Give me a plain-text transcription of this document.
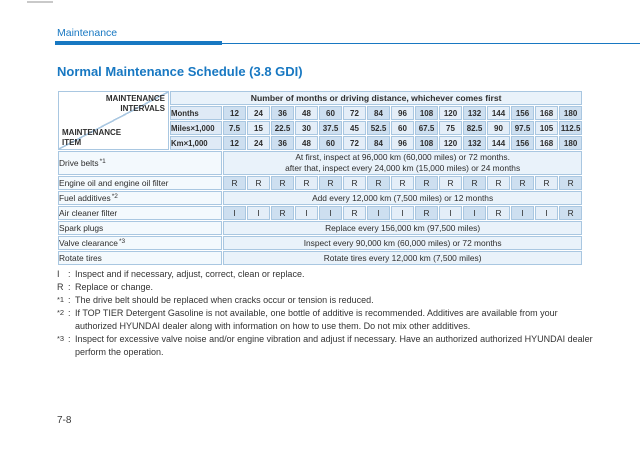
Maintenance
Normal Maintenance Schedule (3.8 GDI)
MAINTENANCE
INTERVALS
MAINTENANCE
ITEM	Number of months or driving distance, whichever comes first															
	Months	12	24	36	48	60	72	84	96	108	120	132	144	156	168	180
	Miles×1,000	7.5	15	22.5	30	37.5	45	52.5	60	67.5	75	82.5	90	97.5	105	112.5
	Km×1,000	12	24	36	48	60	72	84	96	108	120	132	144	156	168	180
Drive belts$^{*1}$		At first, inspect at 96,000 km (60,000 miles) or 72 months.
after that, inspect every 24,000 km (15,000 miles) or 24 months														

Engine oil and engine oil filter		R	R	R	R	R	R	R	R	R	R	R	R	R	R	R
Fuel additives$^{*2}$		Add every 12,000 km (7,500 miles) or 12 months														

Air cleaner filter		I	I	R	I	I	R	I	I	R	I	I	R	I	I	R
Spark plugs		Replace every 156,000 km (97,500 miles)														

Valve clearance$^{*3}$		Inspect every 90,000 km (60,000 miles) or 72 months														

Rotate tires		Rotate tires every 12,000 km (7,500 miles)														
I : Inspect and if necessary, adjust, correct, clean or replace.
R : Replace or change.
*1 : The drive belt should be replaced when cracks occur or tension is reduced.
*2 : If TOP TIER Detergent Gasoline is not available, one bottle of additive is recommended. Additives are available from your authorized HYUNDAI dealer along with information on how to use them. Do not mix other additives.
*3 : Inspect for excessive valve noise and/or engine vibration and adjust if necessary. Have an authorized authorized HYUNDAI dealer perform the operation.
7-8
